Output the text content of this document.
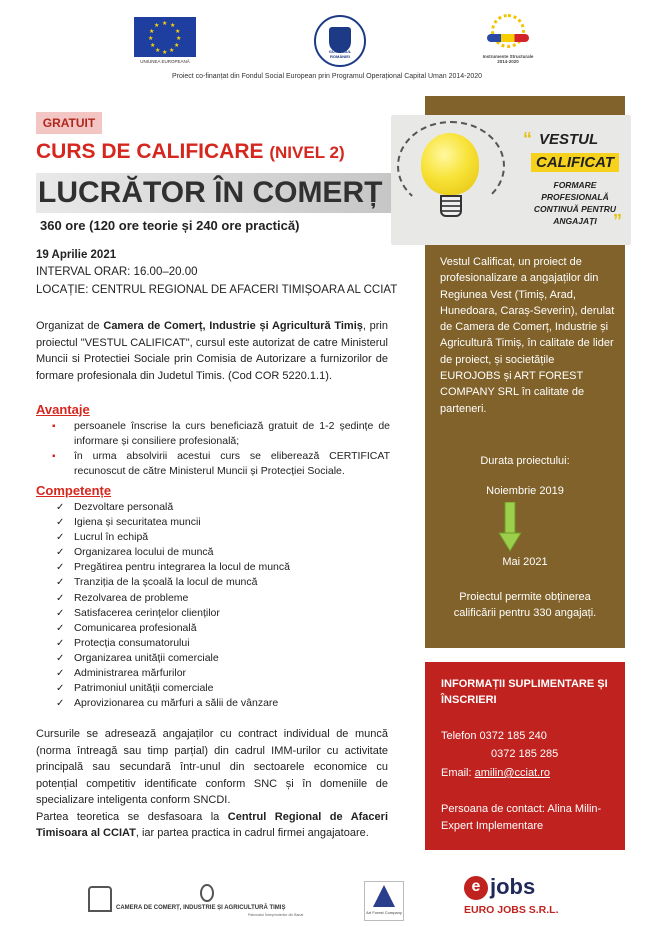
★ ★
★
★
★
★
★
★
★
★
★
★
UNIUNEA EUROPEANĂ
GUVERNUL ROMÂNIEI	Instrumente Structurale 2014-2020
Proiect co-finanțat din Fondul Social European prin Programul Operațional Capital Uman 2014-2020
GRATUIT
CURS DE CALIFICARE (NIVEL 2)
LUCRĂTOR ÎN COMERȚ
360 ore (120 ore teorie și 240 ore practică)
19 Aprilie 2021
INTERVAL ORAR: 16.00–20.00
LOCAȚIE: CENTRUL REGIONAL DE AFACERI TIMIȘOARA AL CCIAT
Organizat de Camera de Comerț, Industrie și Agricultură Timiș, prin proiectul "VESTUL CALIFICAT", cursul este autorizat de catre Ministerul Muncii si Protectiei Sociale prin Comisia de Autorizare a furnizorilor de formare profesionala din Judetul Timis. (Cod COR 5220.1.1).
Avantaje
▪ persoanele înscrise la curs beneficiază gratuit de 1-2 ședințe de informare și consiliere profesională;
▪ în urma absolvirii acestui curs se eliberează CERTIFICAT recunoscut de către Ministerul Muncii și Protecției Sociale.
Competențe
✓ Dezvoltare personală
✓ Igiena și securitatea muncii
✓ Lucrul în echipă
✓ Organizarea locului de muncă
✓ Pregătirea pentru integrarea la locul de muncă
✓ Tranziția de la școală la locul de muncă
✓ Rezolvarea de probleme
✓ Satisfacerea cerințelor clienților
✓ Comunicarea profesională
✓ Protecția consumatorului
✓ Organizarea unității comerciale
✓ Administrarea mărfurilor
✓ Patrimoniul unității comerciale
✓ Aprovizionarea cu mărfuri a sălii de vânzare
Cursurile se adresează angajaților cu contract individual de muncă (norma întreagă sau timp parțial) din cadrul IMM-urilor cu activitate principală sau secundară într-unul din sectoarele economice cu potențial competitiv identificate conform SNC și în domeniile de specializare inteligenta conform SNCDI.
Partea teoretica se desfasoara la Centrul Regional de Afaceri Timisoara al CCIAT, iar partea practica in cadrul firmei angajatoare.
“ VESTUL
CALIFICAT
FORMARE PROFESIONALĂ CONTINUĂ PENTRU ANGAJAȚI ”
Vestul Calificat, un proiect de profesionalizare a angajaților din Regiunea Vest (Timiș, Arad, Hunedoara, Caraș-Severin), derulat de Camera de Comerț, Industrie și Agricultură Timiș, în calitate de lider de proiect, și societățile EUROJOBS și ART FOREST COMPANY SRL în calitate de parteneri.
Durata proiectului:
Noiembrie 2019
Mai 2021
Proiectul permite obținerea calificării pentru 330 angajați.
INFORMAȚII SUPLIMENTARE ȘI ÎNSCRIERI
Telefon 0372 185 240
0372 185 285
Email: amilin@cciat.ro
Persoana de contact: Alina Milin- Expert Implementare
CAMERA DE COMERȚ, INDUSTRIE ȘI AGRICULTURĂ TIMIȘ
Patronatul Întreprinderilor din Banat	Art Forest Company
e jobs
EURO JOBS S.R.L.
